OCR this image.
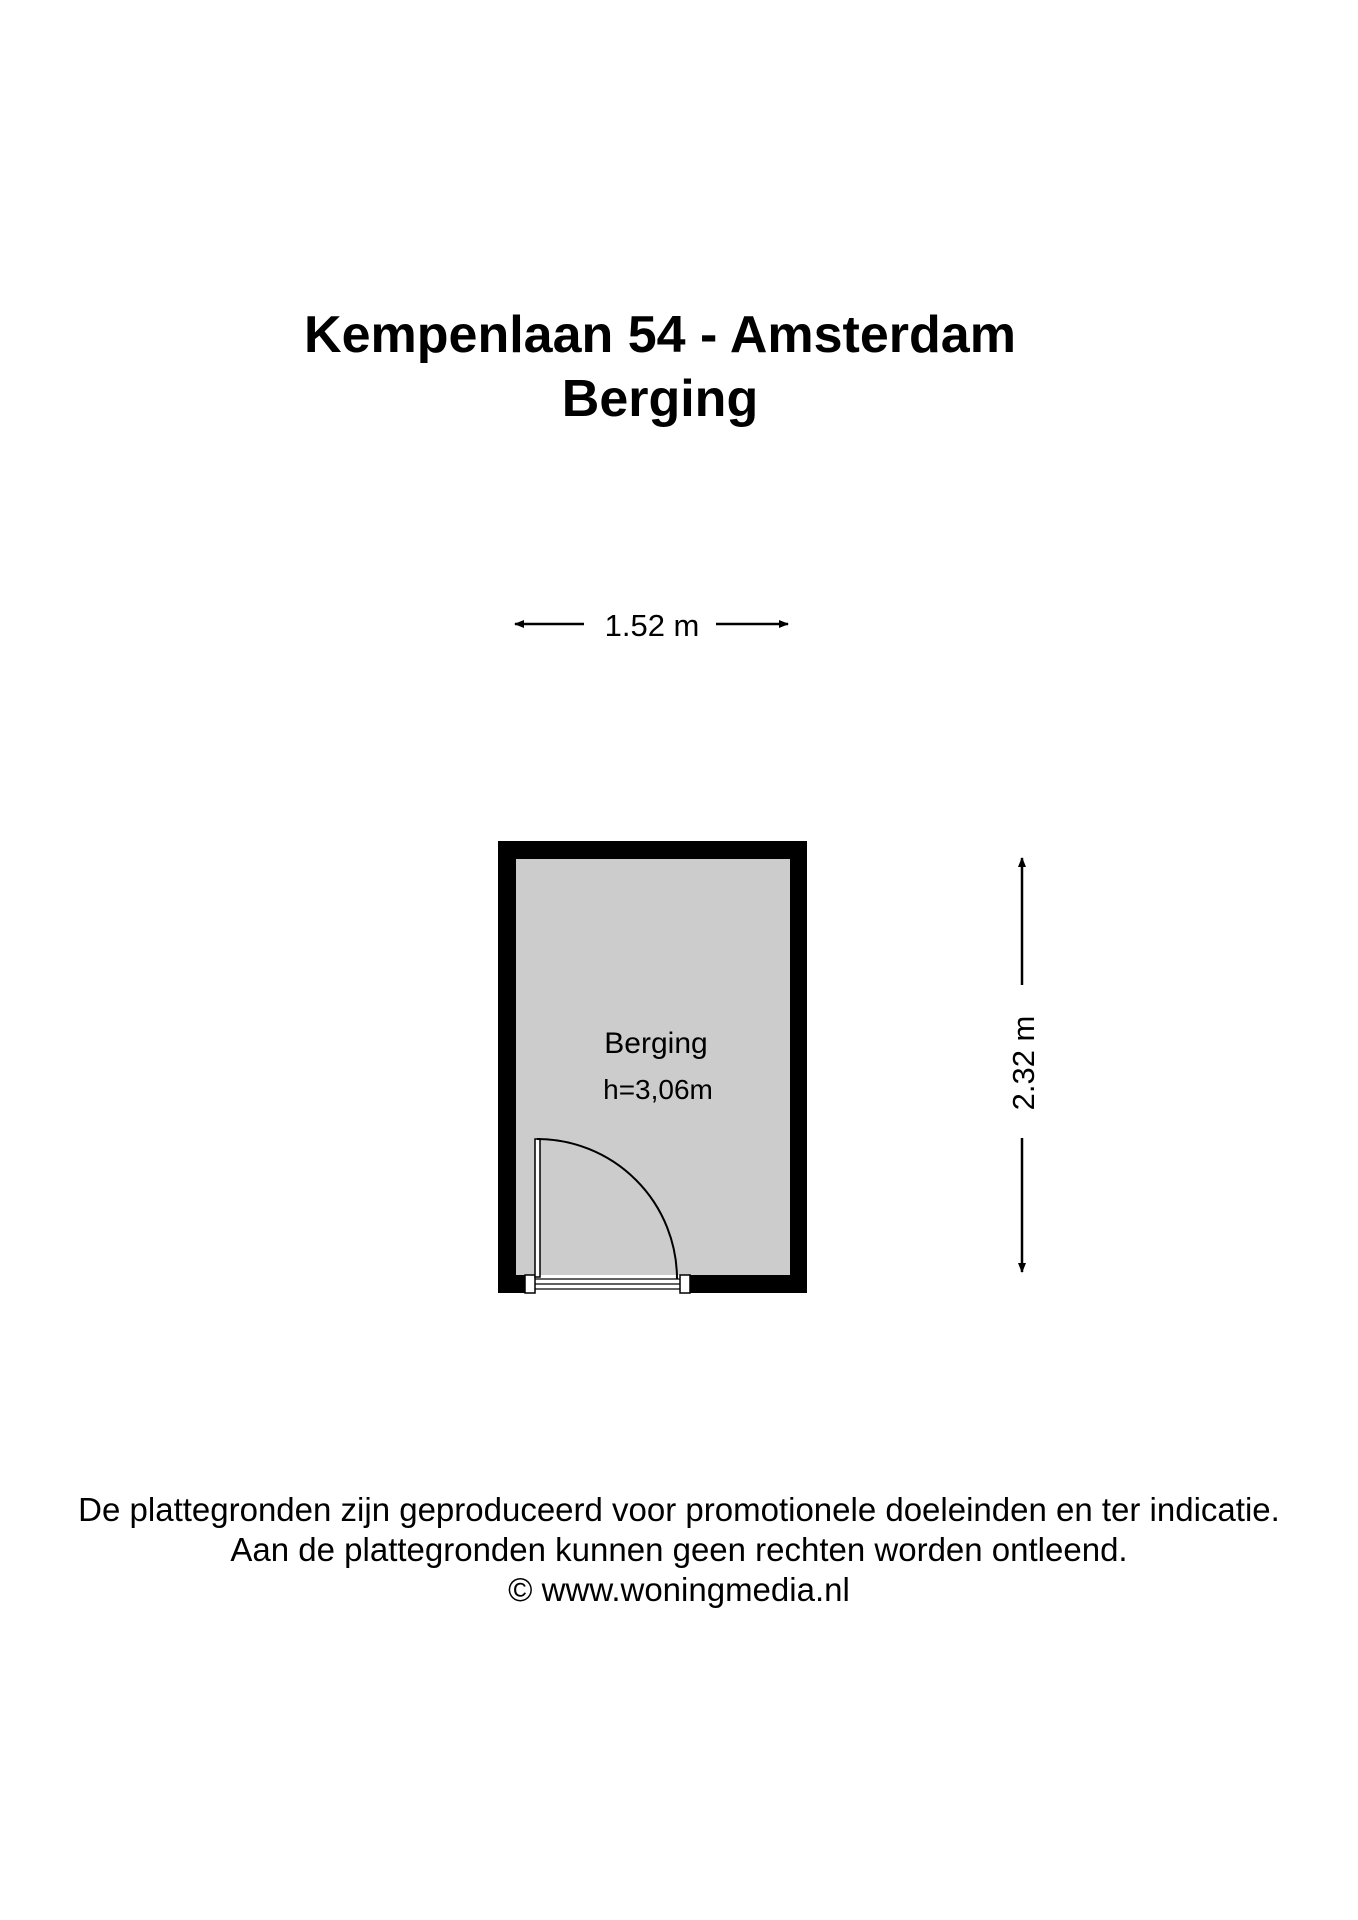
Kempenlaan 54 - Amsterdam
Berging
1.52 m
Berging
h=3,06m	2.32 m

De plattegronden zijn geproduceerd voor promotionele doeleinden en ter indicatie.

Aan de plattegronden kunnen geen rechten worden ontleend.

© www.woningmedia.nl
